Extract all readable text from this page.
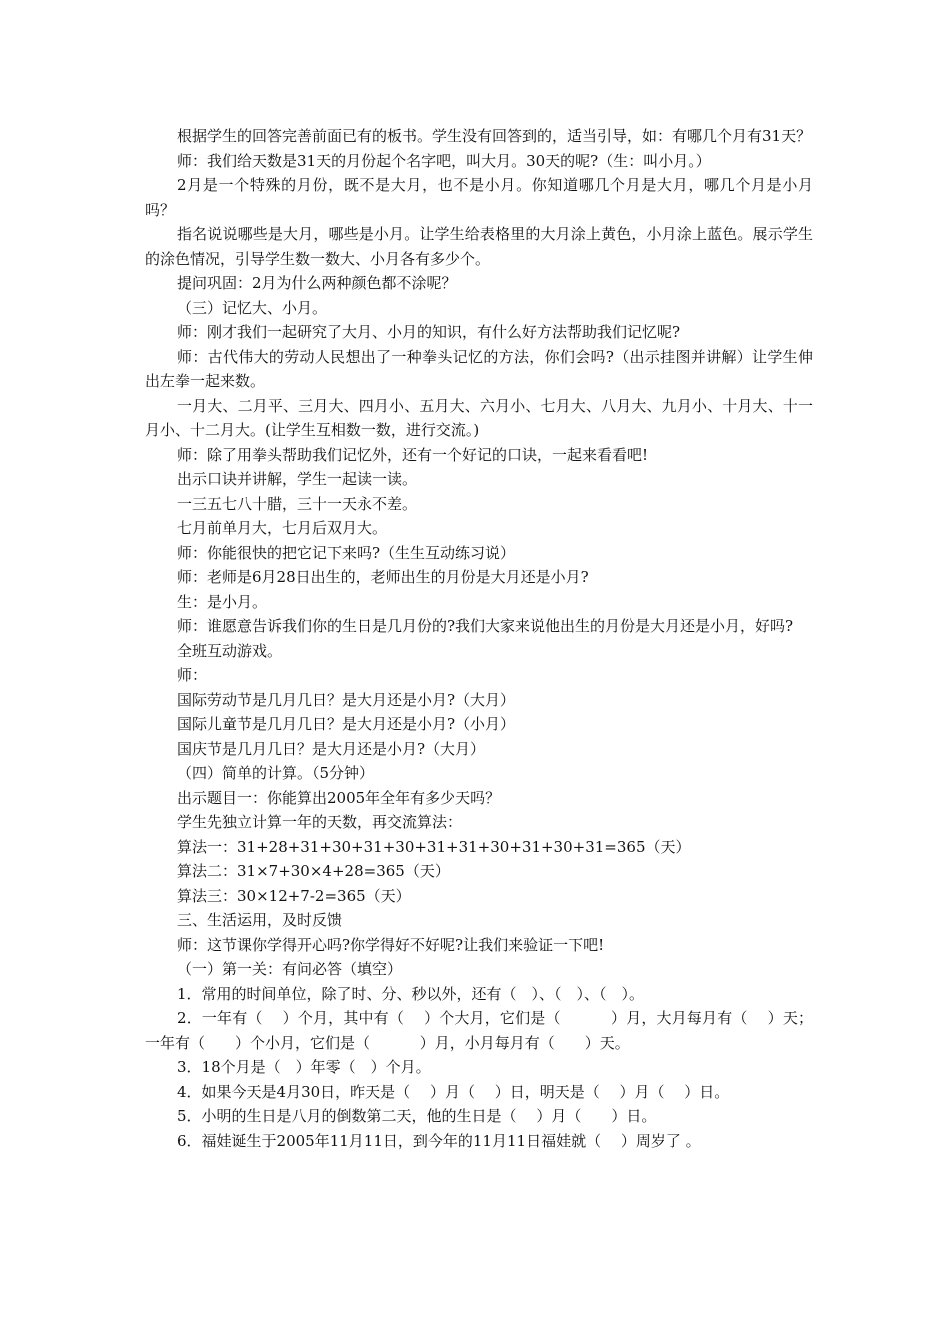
根据学生的回答完善前面已有的板书。学生没有回答到的，适当引导，如：有哪几个月有31天？

师：我们给天数是31天的月份起个名字吧，叫大月。30天的呢?（生：叫小月。）

2月是一个特殊的月份，既不是大月，也不是小月。你知道哪几个月是大月，哪几个月是小月吗？

指名说说哪些是大月，哪些是小月。让学生给表格里的大月涂上黄色，小月涂上蓝色。展示学生的涂色情况，引导学生数一数大、小月各有多少个。

提问巩固：2月为什么两种颜色都不涂呢？

（三）记忆大、小月。

师：刚才我们一起研究了大月、小月的知识，有什么好方法帮助我们记忆呢?

师：古代伟大的劳动人民想出了一种拳头记忆的方法，你们会吗?（出示挂图并讲解）让学生伸出左拳一起来数。

一月大、二月平、三月大、四月小、五月大、六月小、七月大、八月大、九月小、十月大、十一月小、十二月大。(让学生互相数一数，进行交流。)

师：除了用拳头帮助我们记忆外，还有一个好记的口诀，一起来看看吧!

出示口诀并讲解，学生一起读一读。

一三五七八十腊，三十一天永不差。

七月前单月大，七月后双月大。

师：你能很快的把它记下来吗?（生生互动练习说）

师：老师是6月28日出生的，老师出生的月份是大月还是小月?

生：是小月。

师：谁愿意告诉我们你的生日是几月份的?我们大家来说他出生的月份是大月还是小月，好吗?

全班互动游戏。

师：

国际劳动节是几月几日？是大月还是小月?（大月）

国际儿童节是几月几日？是大月还是小月?（小月）

国庆节是几月几日？是大月还是小月?（大月）

（四）简单的计算。（5分钟）

出示题目一：你能算出2005年全年有多少天吗？

学生先独立计算一年的天数，再交流算法：

算法一：31+28+31+30+31+30+31+31+30+31+30+31=365（天）

算法二：31×7+30×4+28=365（天）

算法三：30×12+7-2=365（天）

三、生活运用，及时反馈

师：这节课你学得开心吗?你学得好不好呢?让我们来验证一下吧!

（一）第一关：有问必答（填空）

1．常用的时间单位，除了时、分、秒以外，还有（　）、（　）、（　）。

2．一年有（　 ）个月，其中有（　 ）个大月，它们是（　　　 ）月，大月每月有（　 ）天；一年有（　　）个小月，它们是（　　　 ）月，小月每月有（　　）天。

3．18个月是（　）年零（　）个月。

4．如果今天是4月30日，昨天是（　 ）月（　 ）日，明天是（　 ）月（　 ）日。

5．小明的生日是八月的倒数第二天，他的生日是（　 ）月（　　）日。

6．福娃诞生于2005年11月11日，到今年的11月11日福娃就（　 ）周岁了 。
